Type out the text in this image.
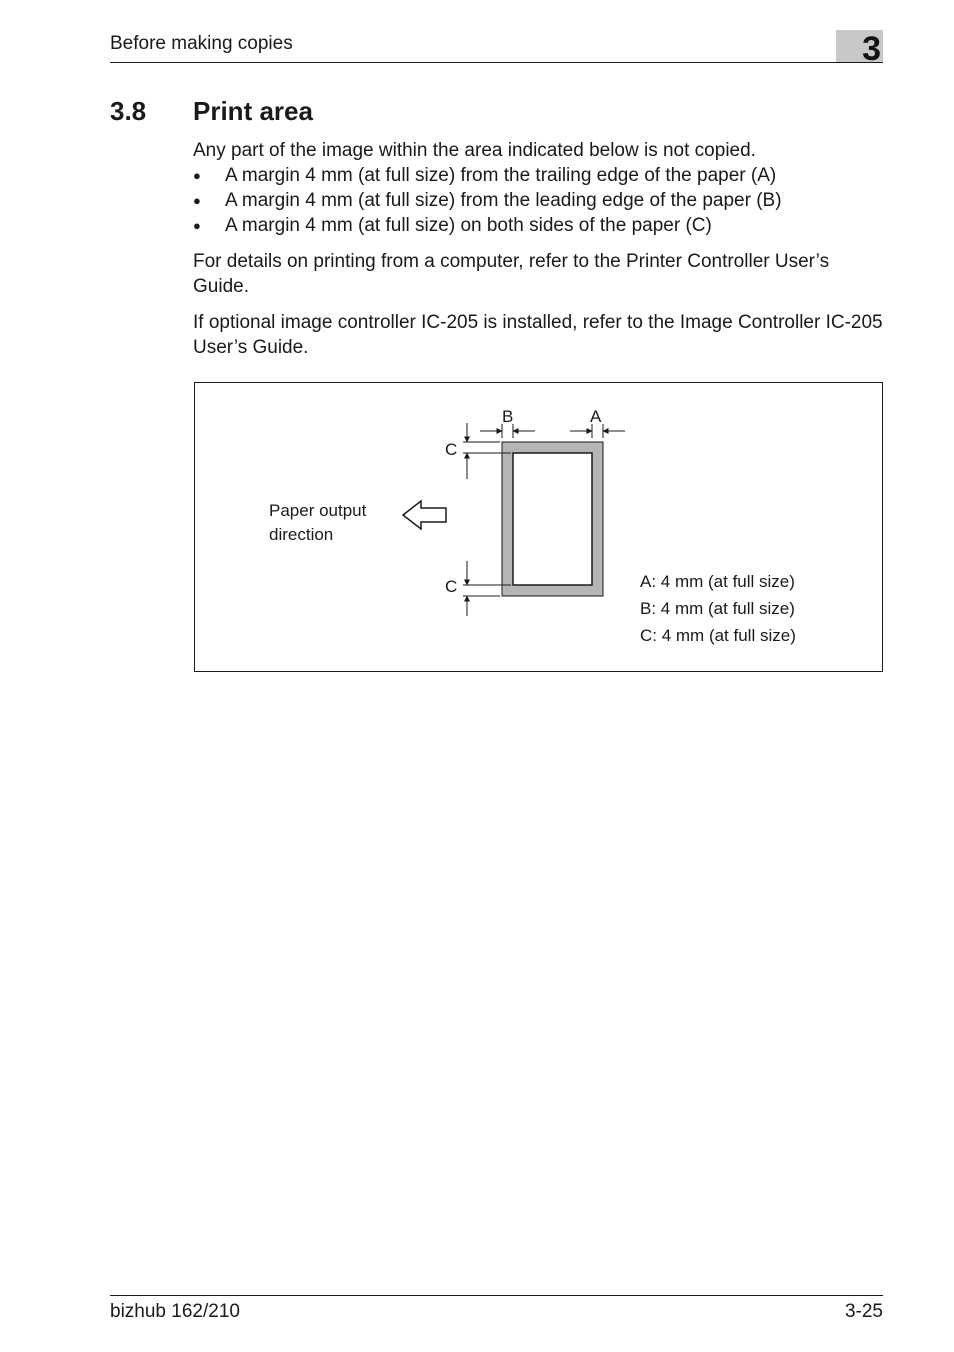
Before making copies	3
3.8 Print area

Any part of the image within the area indicated below is not copied.

● A margin 4 mm (at full size) from the trailing edge of the paper (A)
● A margin 4 mm (at full size) from the leading edge of the paper (B)
● A margin 4 mm (at full size) on both sides of the paper (C)

For details on printing from a computer, refer to the Printer Controller User’s Guide.

If optional image controller IC-205 is installed, refer to the Image Controller IC-205 User’s Guide.

B	A
C
C
Paper output
direction
A: 4 mm (at full size)
B: 4 mm (at full size)
C: 4 mm (at full size)
bizhub 162/210	3-25
